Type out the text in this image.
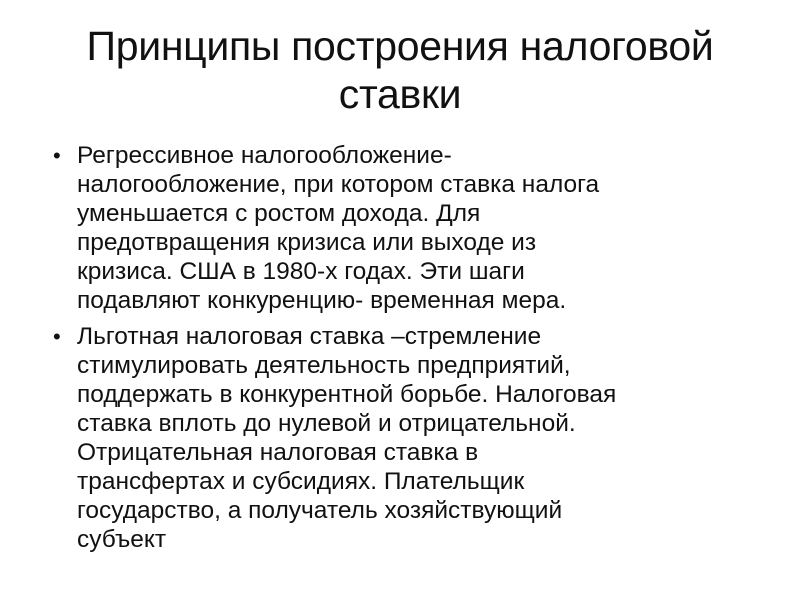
Принципы построения налоговой
ставки
• Регрессивное налогообложение-
налогообложение, при котором ставка налога
уменьшается с ростом дохода. Для
предотвращения кризиса или выходе из
кризиса. США в 1980-х годах. Эти шаги
подавляют конкуренцию- временная мера.
• Льготная налоговая ставка –стремление
стимулировать деятельность предприятий,
поддержать в конкурентной борьбе. Налоговая
ставка вплоть до нулевой и отрицательной.
Отрицательная налоговая ставка в
трансфертах и субсидиях. Плательщик
государство, а получатель хозяйствующий
субъект
